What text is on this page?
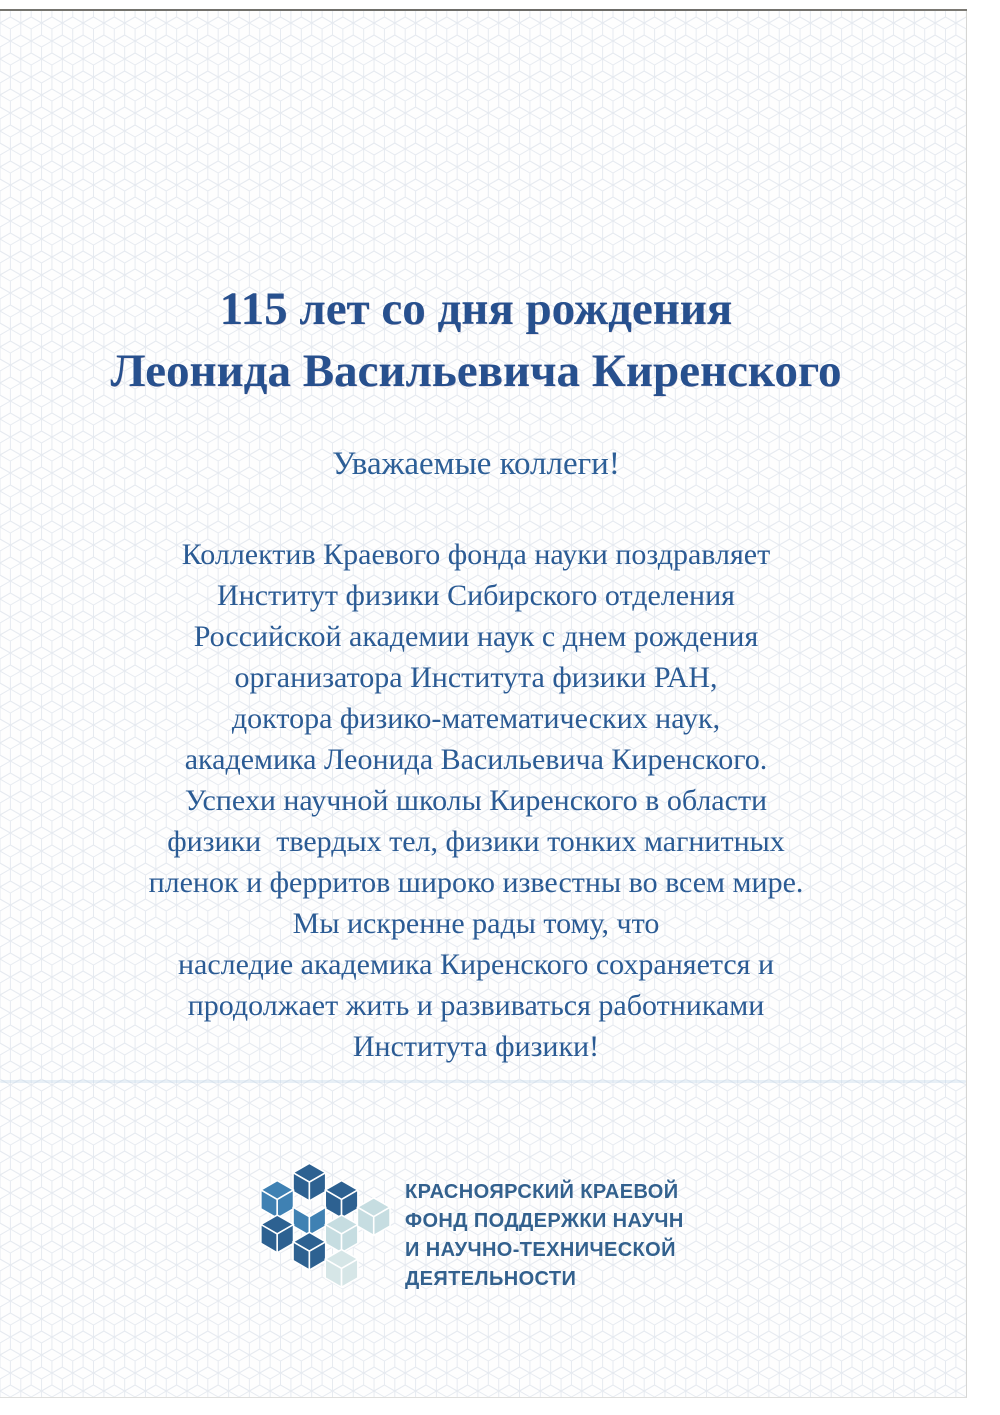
115 лет со дня рождения
Леонида Васильевича Киренского
Уважаемые коллеги!
Коллектив Краевого фонда науки поздравляет
Институт физики Сибирского отделения
Российской академии наук с днем рождения
организатора Института физики РАН,
доктора физико-математических наук,
академика Леонида Васильевича Киренского.
Успехи научной школы Киренского в области
физики  твердых тел, физики тонких магнитных
пленок и ферритов широко известны во всем мире.
Мы искренне рады тому, что
наследие академика Киренского сохраняется и
продолжает жить и развиваться работниками
Института физики!
КРАСНОЯРСКИЙ КРАЕВОЙ
ФОНД ПОДДЕРЖКИ НАУЧН
И НАУЧНО-ТЕХНИЧЕСКОЙ
ДЕЯТЕЛЬНОСТИ
